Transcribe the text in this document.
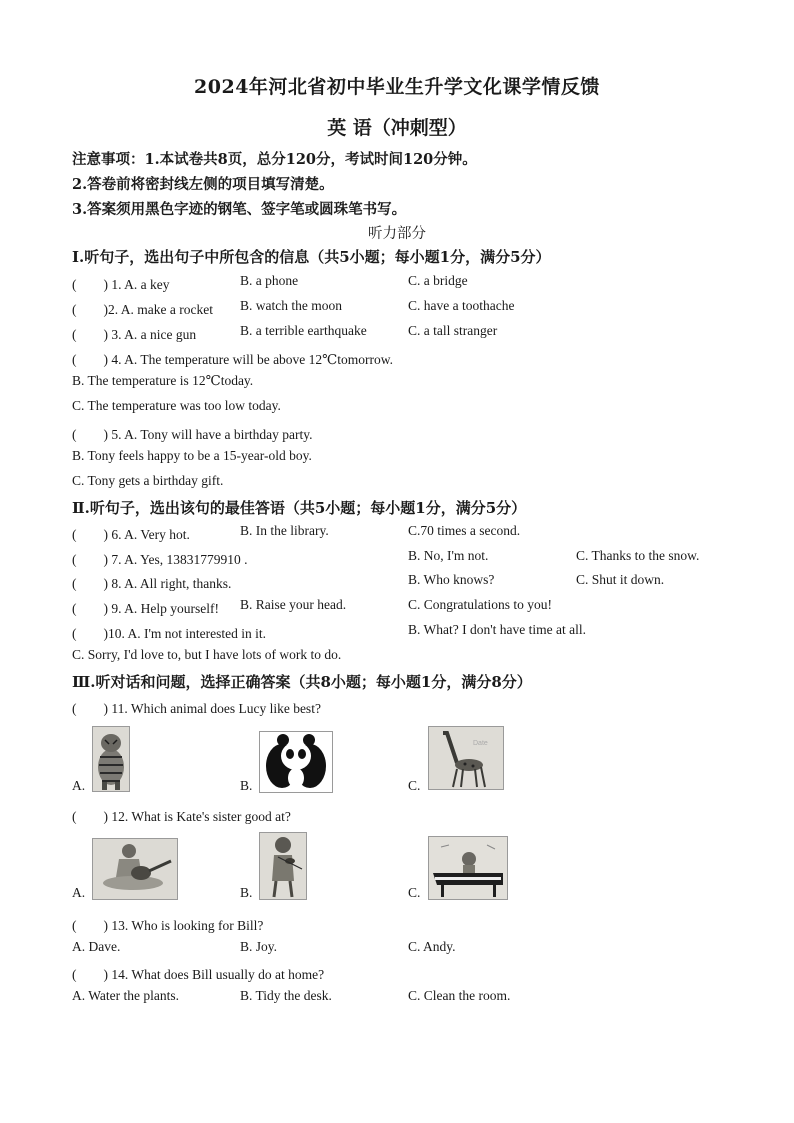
2024年河北省初中毕业生升学文化课学情反馈
英 语（冲刺型）
注意事项：1.本试卷共8页，总分120分，考试时间120分钟。
2.答卷前将密封线左侧的项目填写清楚。
3.答案须用黑色字迹的钢笔、签字笔或圆珠笔书写。
听力部分
Ⅰ.听句子，选出句子中所包含的信息（共5小题；每小题1分，满分5分）
(　　) 1. A. a key	B. a phone	C. a bridge
(　　)2. A. make a rocket B. watch the moon	C. have a toothache
(　　) 3. A. a nice gun	B. a terrible earthquake	C. a tall stranger
(　　) 4. A. The temperature will be above 12℃tomorrow.
B. The temperature is 12℃today.
C. The temperature was too low today.
(　　) 5. A. Tony will have a birthday party.
B. Tony feels happy to be a 15-year-old boy.
C. Tony gets a birthday gift.
Ⅱ.听句子，选出该句的最佳答语（共5小题；每小题1分，满分5分）
(　　) 6. A. Very hot.	B. In the library.	C.70 times a second.
(　　) 7. A. Yes, 13831779910 .	B. No, I'm not.	C. Thanks to the snow.
(　　) 8. A. All right, thanks.	B. Who knows?	C. Shut it down.
(　　) 9. A. Help yourself! B. Raise your head.	C. Congratulations to you!
(　　)10. A. I'm not interested in it.	B. What? I don't have time at all.
C. Sorry, I'd love to, but I have lots of work to do.
Ⅲ.听对话和问题，选择正确答案（共8小题；每小题1分，满分8分）
(　　) 11. Which animal does Lucy like best?
A.	B.	C.
Date
(　　) 12. What is Kate's sister good at?
A.	B.	C.
(　　) 13. Who is looking for Bill?
A. Dave.	B. Joy.	C. Andy.
(　　) 14. What does Bill usually do at home?
A. Water the plants.	B. Tidy the desk.	C. Clean the room.
